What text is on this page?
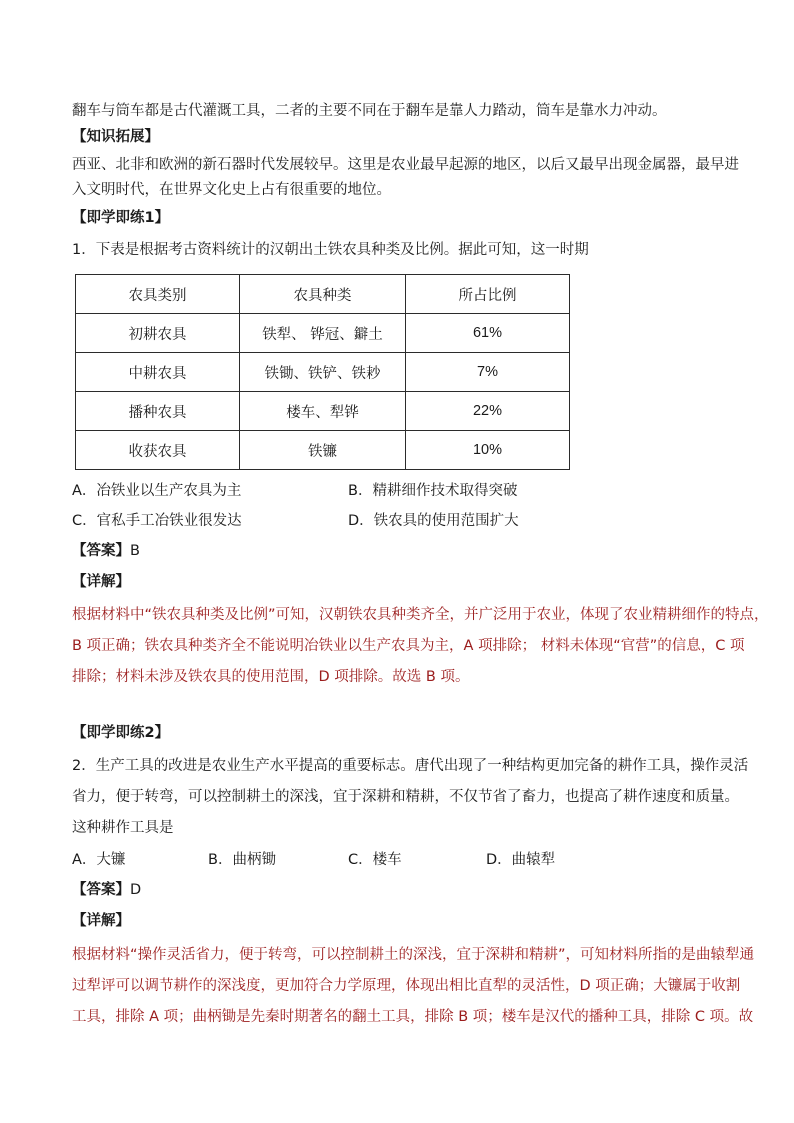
翻车与筒车都是古代灌溉工具，二者的主要不同在于翻车是靠人力踏动，筒车是靠水力冲动。
【知识拓展】
西亚、北非和欧洲的新石器时代发展较早。这里是农业最早起源的地区，以后又最早出现金属器，最早进
入文明时代，在世界文化史上占有很重要的地位。
【即学即练1】
1．下表是根据考古资料统计的汉朝出土铁农具种类及比例。据此可知，这一时期
农具类别	农具种类	所占比例
初耕农具	铁犁、 铧冠、鐴土	61%
中耕农具	铁锄、铁铲、铁耖	7%
播种农具	楼车、犁铧	22%
收获农具	铁镰	10%
A．冶铁业以生产农具为主	B．精耕细作技术取得突破
C．官私手工冶铁业很发达	D．铁农具的使用范围扩大
【答案】B
【详解】
根据材料中“铁农具种类及比例”可知，汉朝铁农具种类齐全，并广泛用于农业，体现了农业精耕细作的特点，
B 项正确；铁农具种类齐全不能说明冶铁业以生产农具为主，A 项排除； 材料未体现“官营”的信息，C 项
排除；材料未涉及铁农具的使用范围，D 项排除。故选 B 项。
【即学即练2】
2．生产工具的改进是农业生产水平提高的重要标志。唐代出现了一种结构更加完备的耕作工具，操作灵活
省力，便于转弯，可以控制耕土的深浅，宜于深耕和精耕，不仅节省了畜力，也提高了耕作速度和质量。
这种耕作工具是
A．大镰	B．曲柄锄	C．楼车	D．曲辕犁
【答案】D
【详解】
根据材料“操作灵活省力，便于转弯，可以控制耕土的深浅，宜于深耕和精耕”，可知材料所指的是曲辕犁通
过犁评可以调节耕作的深浅度，更加符合力学原理，体现出相比直犁的灵活性，D 项正确；大镰属于收割
工具，排除 A 项；曲柄锄是先秦时期著名的翻土工具，排除 B 项；楼车是汉代的播种工具，排除 C 项。故
